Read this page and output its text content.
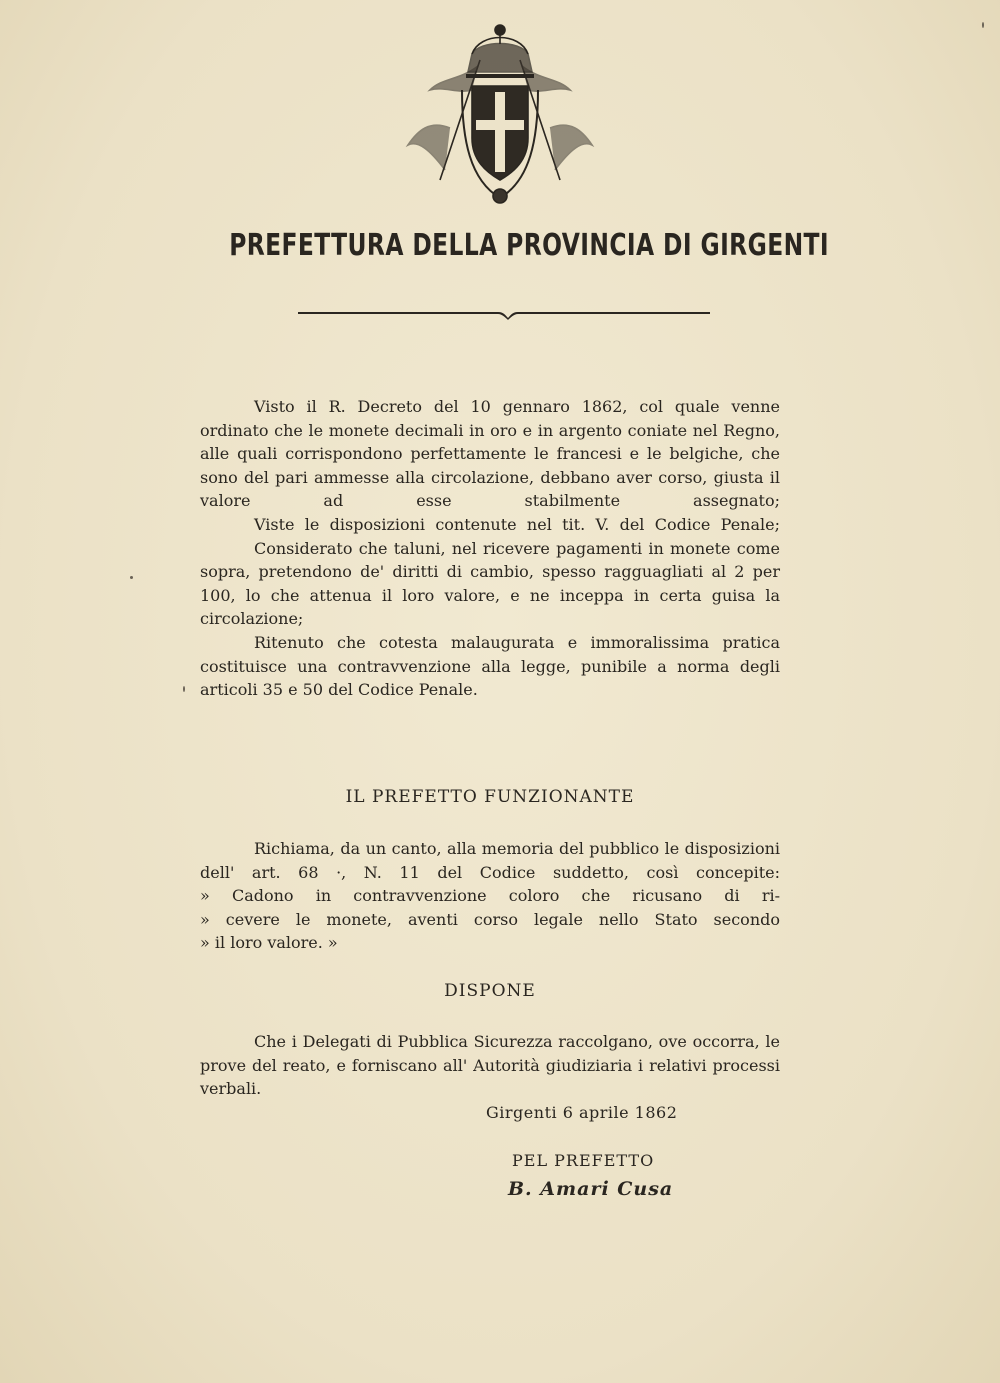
PREFETTURA DELLA PROVINCIA DI GIRGENTI

Visto il R. Decreto del 10 gennaro 1862, col quale venne ordinato che le monete decimali in oro e in argento coniate nel Regno, alle quali corrispondono perfettamente le francesi e le belgiche, che sono del pari ammesse alla circolazione, debbano aver corso, giusta il valore ad esse stabilmente assegnato;

Viste le disposizioni contenute nel tit. V. del Codice Penale;

Considerato che taluni, nel ricevere pagamenti in monete come sopra, pretendono de' diritti di cambio, spesso ragguagliati al 2 per 100, lo che attenua il loro valore, e ne inceppa in certa guisa la circolazione;

Ritenuto che cotesta malaugurata e immoralissima pratica costituisce una contravvenzione alla legge, punibile a norma degli articoli 35 e 50 del Codice Penale.

IL PREFETTO FUNZIONANTE

Richiama, da un canto, alla memoria del pubblico le disposizioni dell' art. 68 ·, N. 11 del Codice suddetto, così concepite:

» Cadono in contravvenzione coloro che ricusano di ri-

» cevere le monete, aventi corso legale nello Stato secondo

» il loro valore. »

DISPONE

Che i Delegati di Pubblica Sicurezza raccolgano, ove occorra, le prove del reato, e forniscano all' Autorità giudiziaria i relativi processi verbali.

Girgenti 6 aprile 1862
PEL PREFETTO
B. Amari Cusa
